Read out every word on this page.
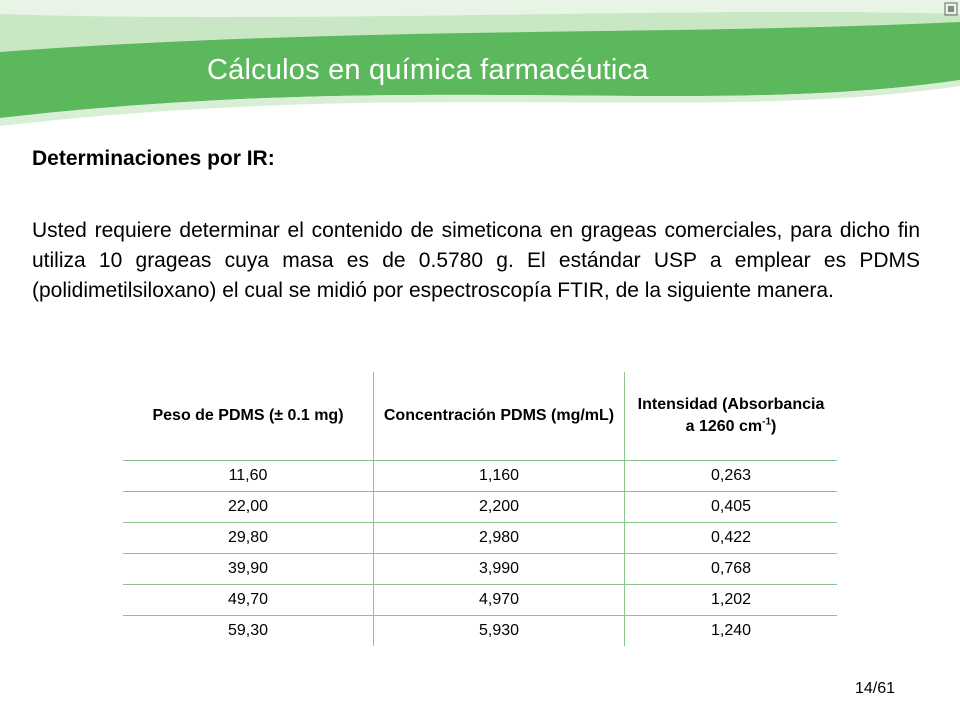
Cálculos en química farmacéutica
Determinaciones por IR:

Usted requiere determinar el contenido de simeticona en grageas comerciales, para dicho fin utiliza 10 grageas cuya masa es de 0.5780 g. El estándar USP a emplear es PDMS (polidimetilsiloxano) el cual se midió por espectroscopía FTIR, de la siguiente manera.

Peso de PDMS (± 0.1 mg)	Concentración PDMS (mg/mL)	Intensidad (Absorbancia a 1260 $cm^{-1}$)
11,60	1,160	0,263
22,00	2,200	0,405
29,80	2,980	0,422
39,90	3,990	0,768
49,70	4,970	1,202
59,30	5,930	1,240
14/61
